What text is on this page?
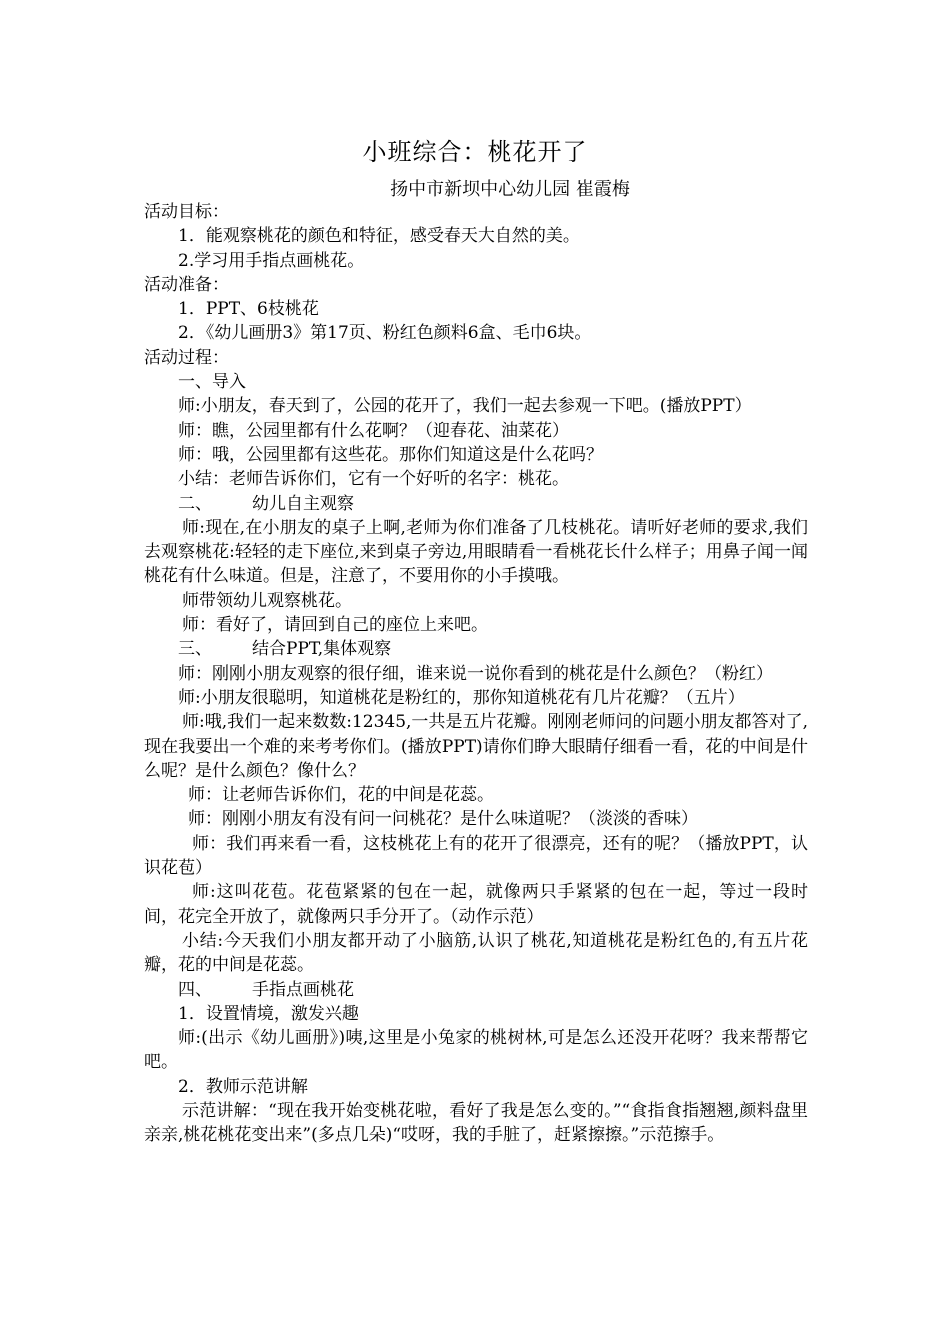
小班综合：桃花开了
扬中市新坝中心幼儿园 崔霞梅

活动目标：

1．能观察桃花的颜色和特征，感受春天大自然的美。

2.学习用手指点画桃花。

活动准备：

1．PPT、6枝桃花

2．《幼儿画册3》第17页、粉红色颜料6盒、毛巾6块。

活动过程：

一、导入

师:小朋友，春天到了，公园的花开了，我们一起去参观一下吧。(播放PPT）

师：瞧，公园里都有什么花啊？（迎春花、油菜花）

师：哦，公园里都有这些花。那你们知道这是什么花吗？

小结：老师告诉你们，它有一个好听的名字：桃花。

二、 幼儿自主观察

师:现在,在小朋友的桌子上啊,老师为你们准备了几枝桃花。请听好老师的要求,我们去观察桃花:轻轻的走下座位,来到桌子旁边,用眼睛看一看桃花长什么样子；用鼻子闻一闻桃花有什么味道。但是，注意了，不要用你的小手摸哦。

师带领幼儿观察桃花。

师：看好了，请回到自己的座位上来吧。

三、 结合PPT,集体观察

师：刚刚小朋友观察的很仔细，谁来说一说你看到的桃花是什么颜色？（粉红）

师:小朋友很聪明，知道桃花是粉红的，那你知道桃花有几片花瓣？（五片）

师:哦,我们一起来数数:12345,一共是五片花瓣。刚刚老师问的问题小朋友都答对了,现在我要出一个难的来考考你们。(播放PPT)请你们睁大眼睛仔细看一看，花的中间是什么呢？是什么颜色？像什么？

师：让老师告诉你们，花的中间是花蕊。

师：刚刚小朋友有没有问一问桃花？是什么味道呢？（淡淡的香味）

师：我们再来看一看，这枝桃花上有的花开了很漂亮，还有的呢？（播放PPT，认识花苞）

师:这叫花苞。花苞紧紧的包在一起，就像两只手紧紧的包在一起，等过一段时间，花完全开放了，就像两只手分开了。（动作示范）

小结:今天我们小朋友都开动了小脑筋,认识了桃花,知道桃花是粉红色的,有五片花瓣，花的中间是花蕊。

四、 手指点画桃花

1．设置情境，激发兴趣

师:(出示《幼儿画册》)咦,这里是小兔家的桃树林,可是怎么还没开花呀？我来帮帮它吧。

2．教师示范讲解

示范讲解：“现在我开始变桃花啦，看好了我是怎么变的。”“食指食指翘翘,颜料盘里亲亲,桃花桃花变出来”(多点几朵)“哎呀，我的手脏了，赶紧擦擦。”示范擦手。
